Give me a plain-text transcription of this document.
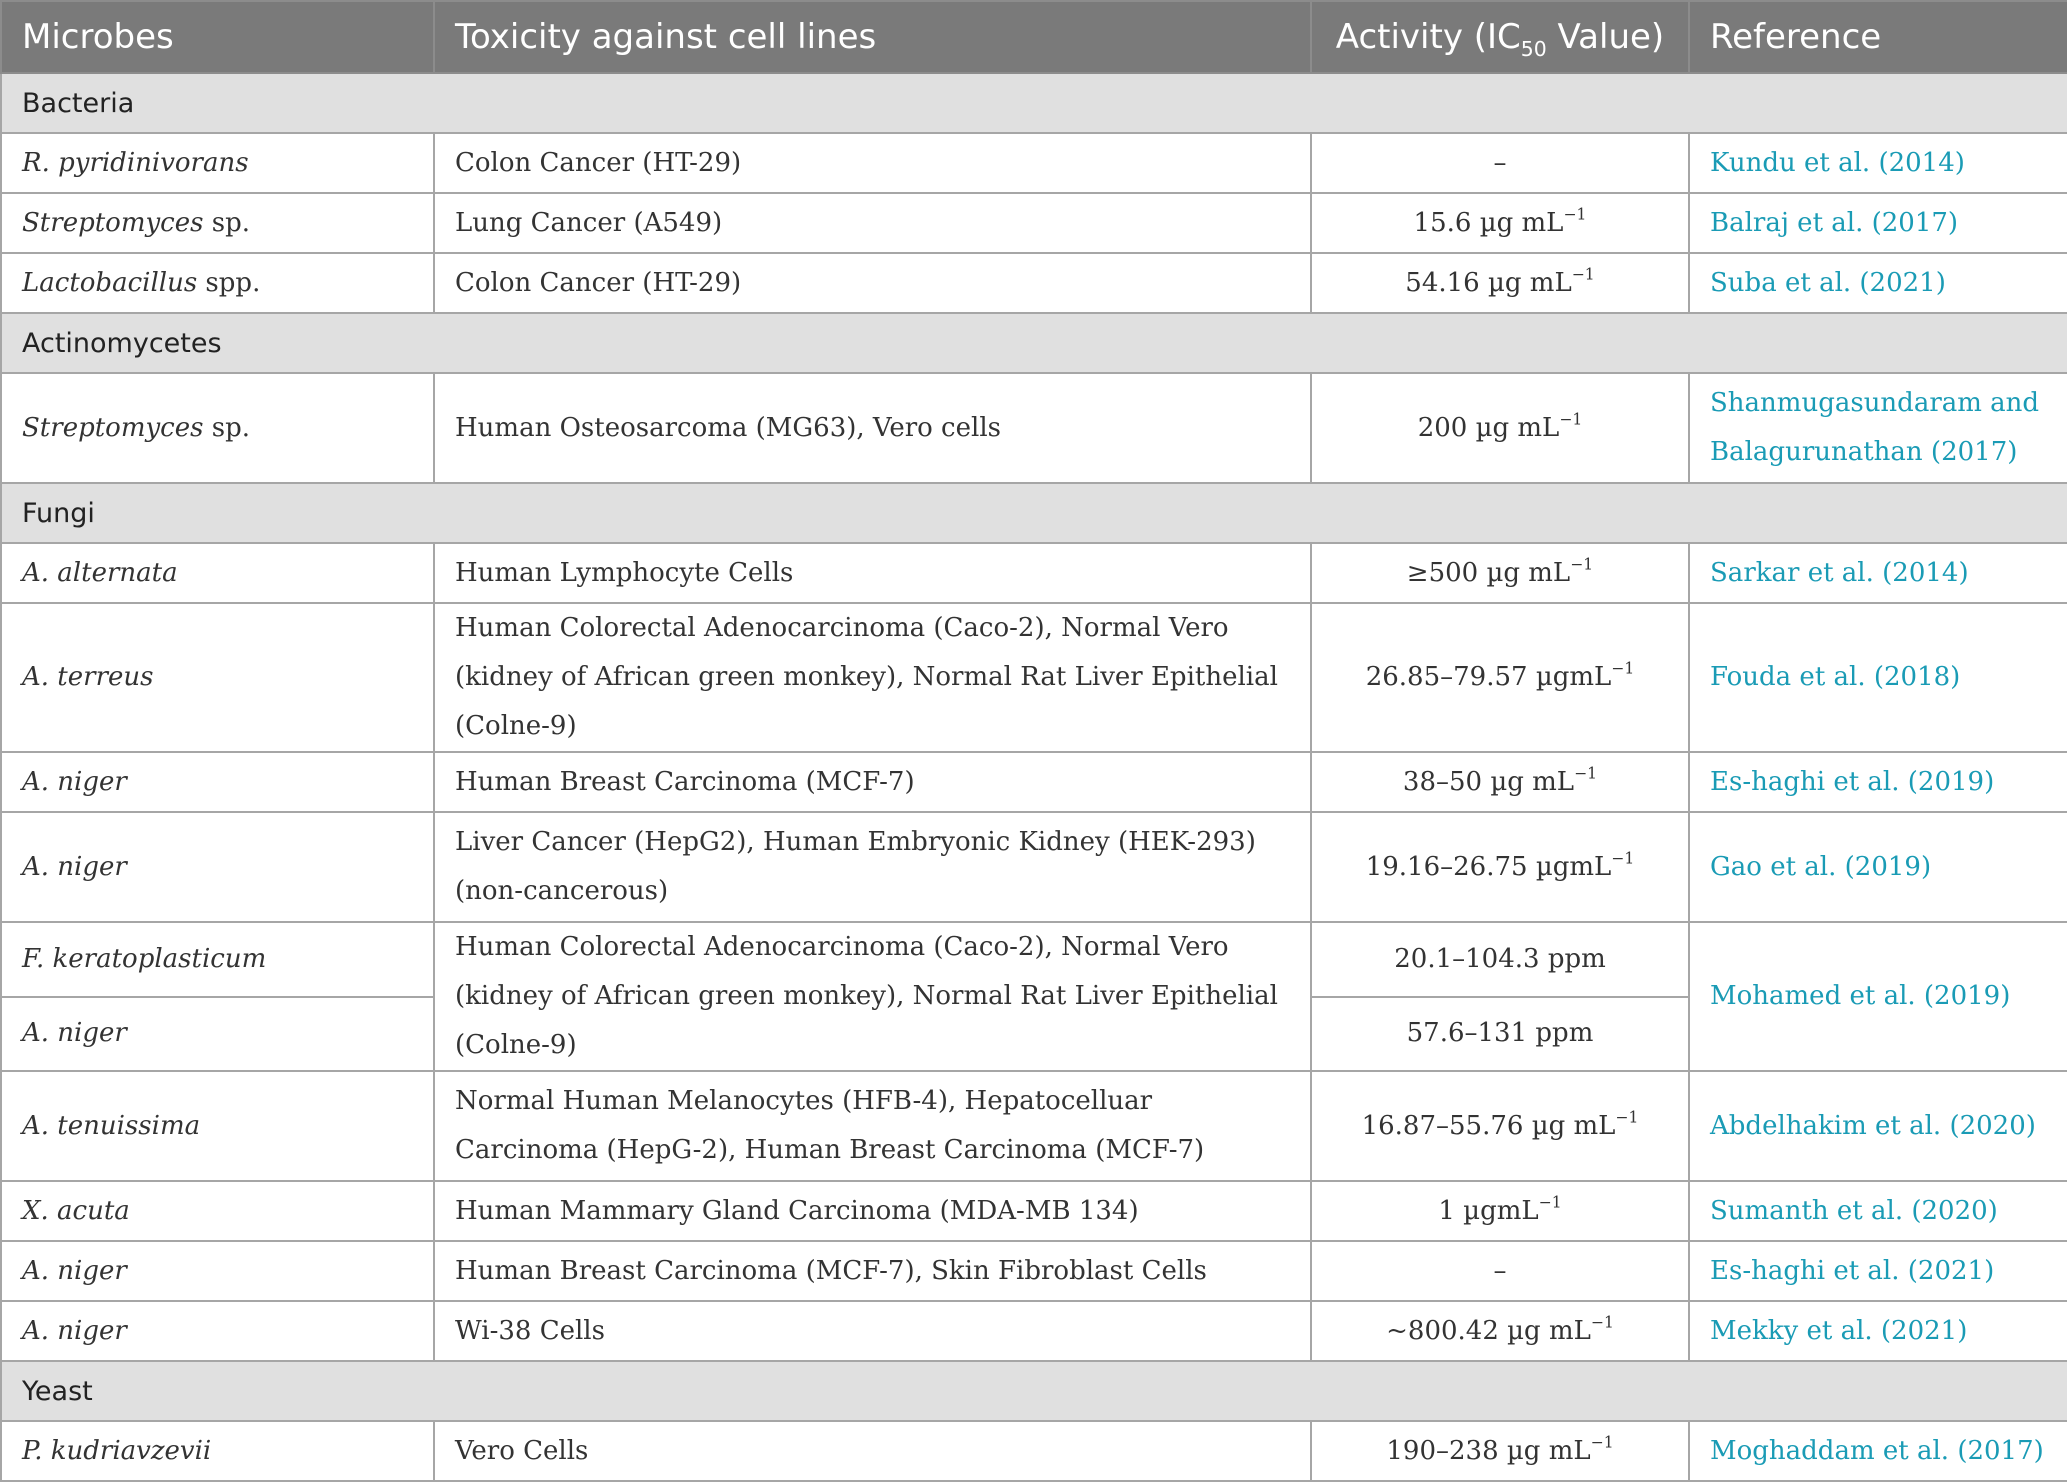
Microbes	Toxicity against cell lines	Activity ($IC_{50}$ Value)	Reference
Bacteria			
R. pyridinivorans	Colon Cancer (HT-29)	–	Kundu et al. (2014)
Streptomyces sp.	Lung Cancer (A549)	15.6 µg $mL^{-1}$	Balraj et al. (2017)
Lactobacillus spp.	Colon Cancer (HT-29)	54.16 µg $mL^{-1}$	Suba et al. (2021)
Actinomycetes			
Streptomyces sp.	Human Osteosarcoma (MG63), Vero cells	200 µg $mL^{-1}$	Shanmugasundaram and Balagurunathan (2017)
Fungi			
A. alternata	Human Lymphocyte Cells	≥500 µg $mL^{-1}$	Sarkar et al. (2014)
A. terreus	Human Colorectal Adenocarcinoma (Caco-2), Normal Vero (kidney of African green monkey), Normal Rat Liver Epithelial (Colne-9)	26.85–79.57 µgmL$^{-1}$	Fouda et al. (2018)
A. niger	Human Breast Carcinoma (MCF-7)	38–50 µg $mL^{-1}$	Es-haghi et al. (2019)
A. niger	Liver Cancer (HepG2), Human Embryonic Kidney (HEK-293) (non-cancerous)	19.16–26.75 µgmL$^{-1}$	Gao et al. (2019)
F. keratoplasticum	Human Colorectal Adenocarcinoma (Caco-2), Normal Vero (kidney of African green monkey), Normal Rat Liver Epithelial (Colne-9)	20.1–104.3 ppm	Mohamed et al. (2019)
A. niger		57.6–131 ppm	
A. tenuissima	Normal Human Melanocytes (HFB-4), Hepatocelluar Carcinoma (HepG-2), Human Breast Carcinoma (MCF-7)	16.87–55.76 µg $mL^{-1}$	Abdelhakim et al. (2020)
X. acuta	Human Mammary Gland Carcinoma (MDA-MB 134)	1 µgmL$^{-1}$	Sumanth et al. (2020)
A. niger	Human Breast Carcinoma (MCF-7), Skin Fibroblast Cells	–	Es-haghi et al. (2021)
A. niger	Wi-38 Cells	~800.42 µg $mL^{-1}$	Mekky et al. (2021)
Yeast			
P. kudriavzevii	Vero Cells	190–238 µg $mL^{-1}$	Moghaddam et al. (2017)
